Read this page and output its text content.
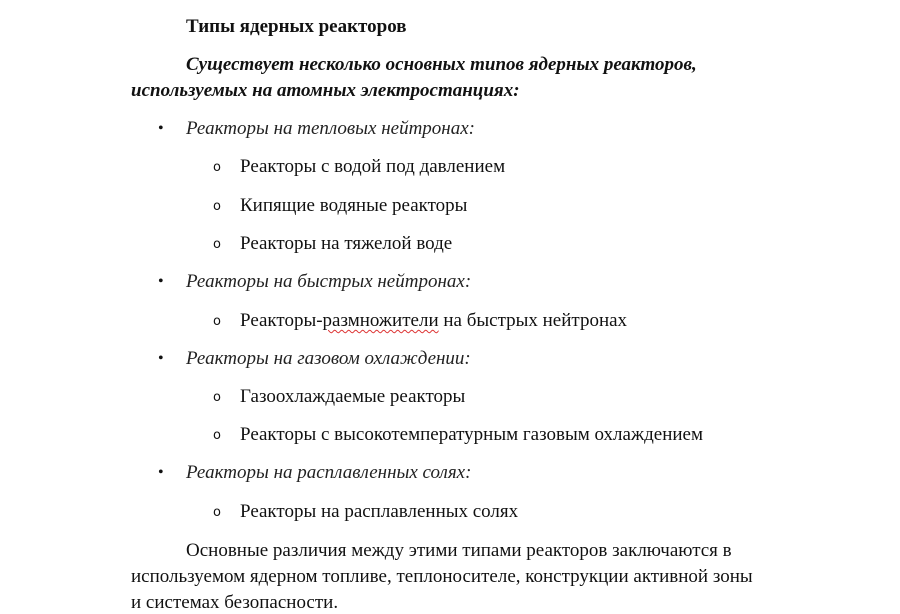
Типы ядерных реакторов
Существует несколько основных типов ядерных реакторов,
используемых на атомных электростанциях:
• Реакторы на тепловых нейтронах:
o Реакторы с водой под давлением
o Кипящие водяные реакторы
o Реакторы на тяжелой воде
• Реакторы на быстрых нейтронах:
o Реакторы-размножители на быстрых нейтронах
• Реакторы на газовом охлаждении:
o Газоохлаждаемые реакторы
o Реакторы с высокотемпературным газовым охлаждением
• Реакторы на расплавленных солях:
o Реакторы на расплавленных солях
Основные различия между этими типами реакторов заключаются в
используемом ядерном топливе, теплоносителе, конструкции активной зоны
и системах безопасности.
